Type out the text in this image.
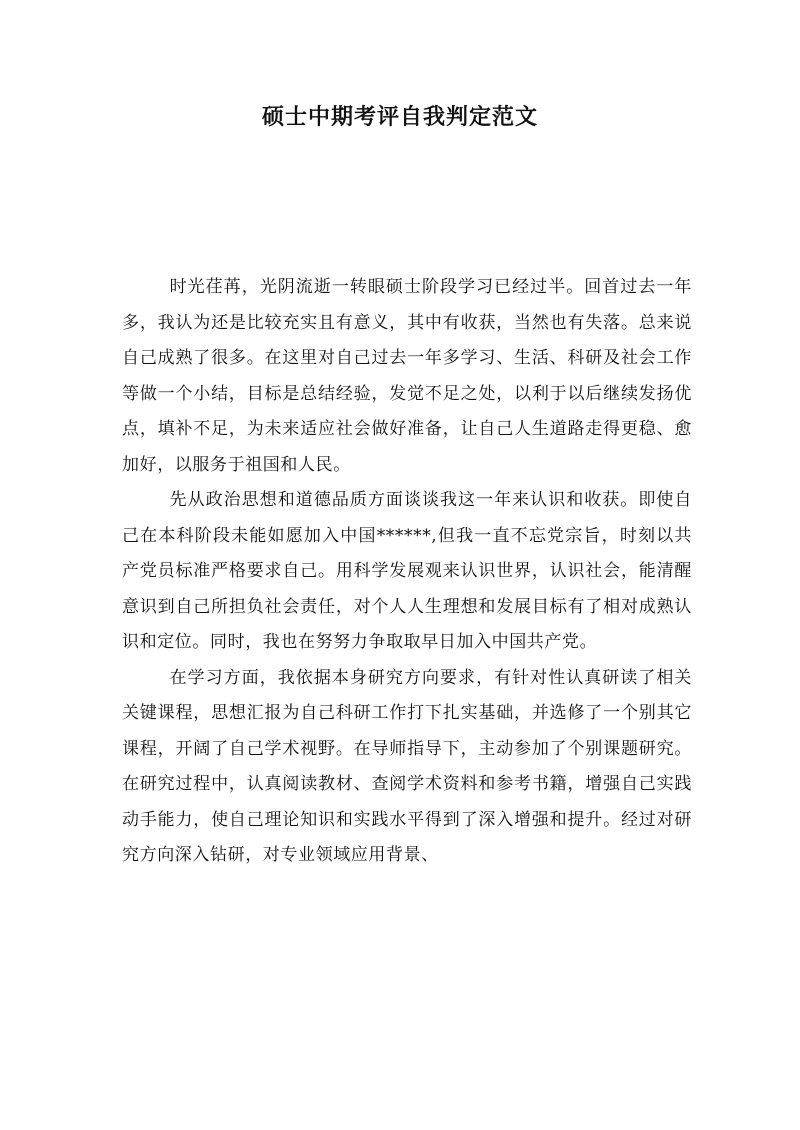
硕士中期考评自我判定范文

时光荏苒，光阴流逝一转眼硕士阶段学习已经过半。回首过去一年多，我认为还是比较充实且有意义，其中有收获，当然也有失落。总来说自己成熟了很多。在这里对自己过去一年多学习、生活、科研及社会工作等做一个小结，目标是总结经验，发觉不足之处，以利于以后继续发扬优点，填补不足，为未来适应社会做好准备，让自己人生道路走得更稳、愈加好，以服务于祖国和人民。

先从政治思想和道德品质方面谈谈我这一年来认识和收获。即使自己在本科阶段未能如愿加入中国******,但我一直不忘党宗旨，时刻以共产党员标准严格要求自己。用科学发展观来认识世界，认识社会，能清醒意识到自己所担负社会责任，对个人人生理想和发展目标有了相对成熟认识和定位。同时，我也在努努力争取取早日加入中国共产党。

在学习方面，我依据本身研究方向要求，有针对性认真研读了相关关键课程，思想汇报为自己科研工作打下扎实基础，并选修了一个别其它课程，开阔了自己学术视野。在导师指导下，主动参加了个别课题研究。在研究过程中，认真阅读教材、查阅学术资料和参考书籍，增强自己实践动手能力，使自己理论知识和实践水平得到了深入增强和提升。经过对研究方向深入钻研，对专业领域应用背景、
